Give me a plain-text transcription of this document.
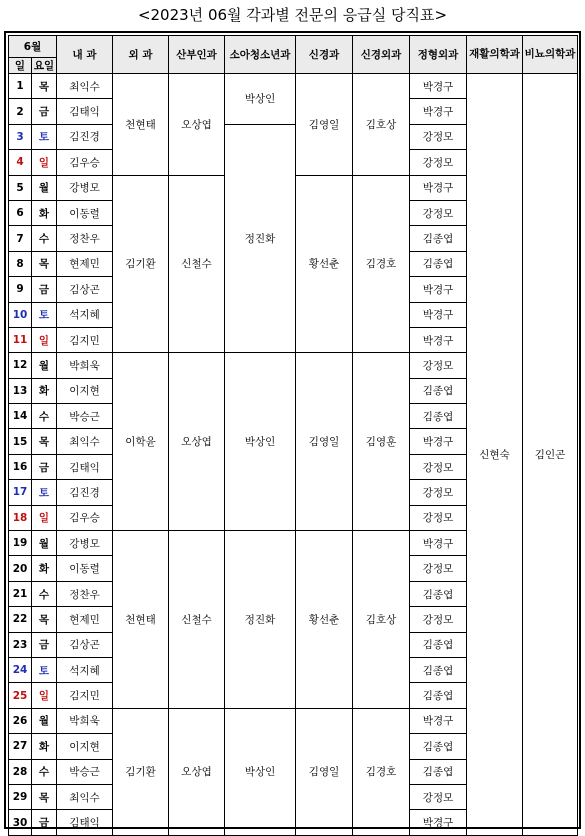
<2023년 06월 각과별 전문의 응급실 당직표>
6월		내 과	외 과	산부인과	소아청소년과	신경과	신경외과	정형외과	재활의학과	비뇨의학과
일	요일									
1	목	최익수	천현태	오상엽	박상인	김영일	김호상	박경구	신현숙	김인곤
2	금	김태익						박경구		
3	토	김진경			정진화			강정모		
4	일	김우승						강정모		
5	월	강병모	김기환	신철수		황선춘	김경호	박경구		
6	화	이동렬						강정모		
7	수	정찬우						김종엽		
8	목	현제민						김종엽		
9	금	김상곤						박경구		
10	토	석지혜						박경구		
11	일	김지민						박경구		
12	월	박희욱	이학윤	오상엽	박상인	김영일	김영훈	강정모		
13	화	이지현						김종엽		
14	수	박승근						김종엽		
15	목	최익수						박경구		
16	금	김태익						강정모		
17	토	김진경						강정모		
18	일	김우승						강정모		
19	월	강병모	천현태	신철수	정진화	황선춘	김호상	박경구		
20	화	이동렬						강정모		
21	수	정찬우						김종엽		
22	목	현제민						강정모		
23	금	김상곤						김종엽		
24	토	석지혜						김종엽		
25	일	김지민						김종엽		
26	월	박희욱	김기환	오상엽	박상인	김영일	김경호	박경구		
27	화	이지현						김종엽		
28	수	박승근						김종엽		
29	목	최익수						강정모		
30	금	김태익						박경구		
